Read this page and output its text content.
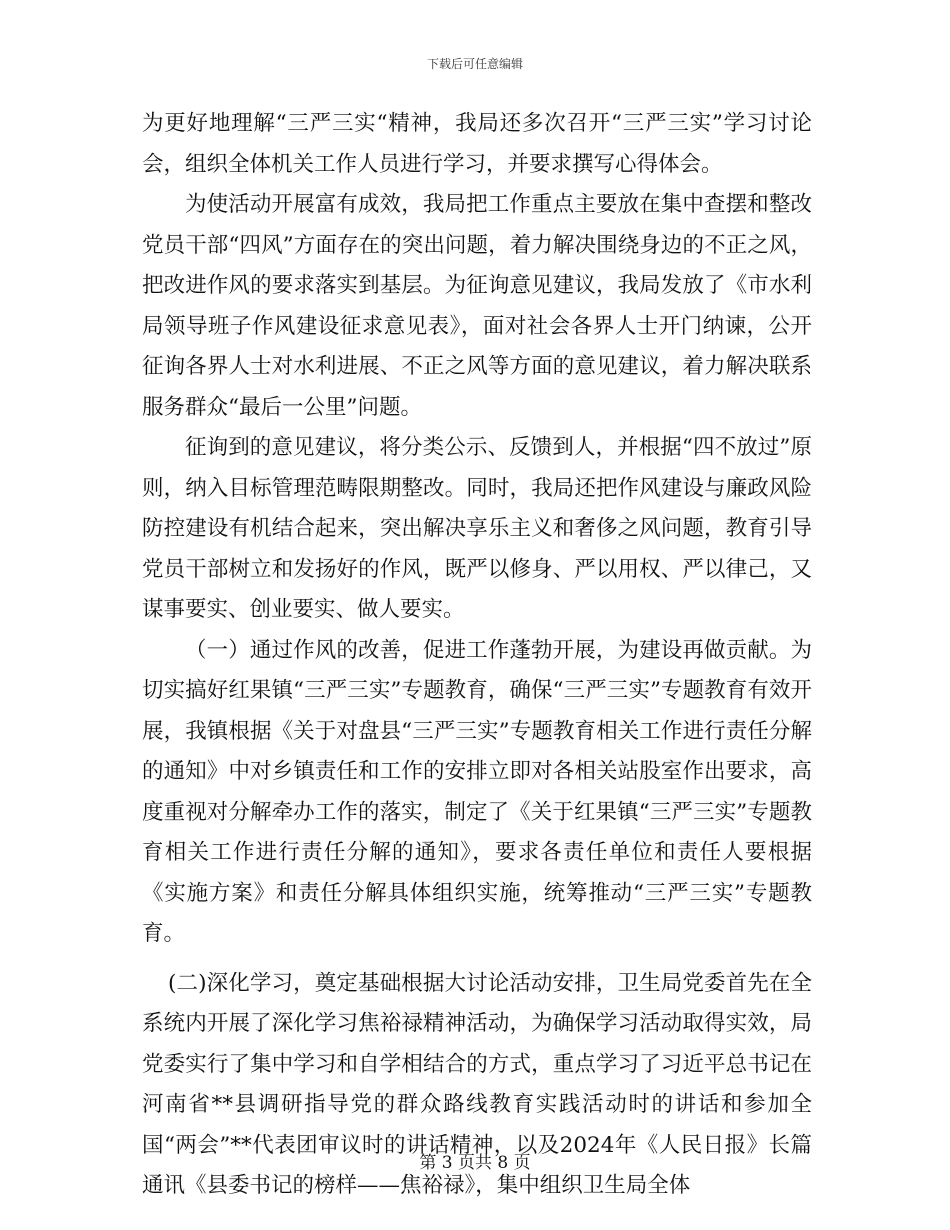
下载后可任意编辑

为更好地理解“三严三实“精神，我局还多次召开“三严三实”学习讨论会，组织全体机关工作人员进行学习，并要求撰写心得体会。

为使活动开展富有成效，我局把工作重点主要放在集中查摆和整改党员干部“四风”方面存在的突出问题，着力解决围绕身边的不正之风，把改进作风的要求落实到基层。为征询意见建议，我局发放了《市水利局领导班子作风建设征求意见表》，面对社会各界人士开门纳谏，公开征询各界人士对水利进展、不正之风等方面的意见建议，着力解决联系服务群众“最后一公里”问题。

征询到的意见建议，将分类公示、反馈到人，并根据“四不放过”原则，纳入目标管理范畴限期整改。同时，我局还把作风建设与廉政风险防控建设有机结合起来，突出解决享乐主义和奢侈之风问题，教育引导党员干部树立和发扬好的作风，既严以修身、严以用权、严以律己，又谋事要实、创业要实、做人要实。

（一）通过作风的改善，促进工作蓬勃开展，为建设再做贡献。为切实搞好红果镇“三严三实”专题教育，确保“三严三实”专题教育有效开展，我镇根据《关于对盘县“三严三实”专题教育相关工作进行责任分解的通知》中对乡镇责任和工作的安排立即对各相关站股室作出要求，高度重视对分解牵办工作的落实，制定了《关于红果镇“三严三实”专题教育相关工作进行责任分解的通知》，要求各责任单位和责任人要根据《实施方案》和责任分解具体组织实施，统筹推动“三严三实”专题教育。

(二)深化学习，奠定基础根据大讨论活动安排，卫生局党委首先在全系统内开展了深化学习焦裕禄精神活动，为确保学习活动取得实效，局党委实行了集中学习和自学相结合的方式，重点学习了习近平总书记在河南省**县调研指导党的群众路线教育实践活动时的讲话和参加全国“两会”**代表团审议时的讲话精神，以及2024年《人民日报》长篇通讯《县委书记的榜样——焦裕禄》，集中组织卫生局全体

第 3 页共 8 页
